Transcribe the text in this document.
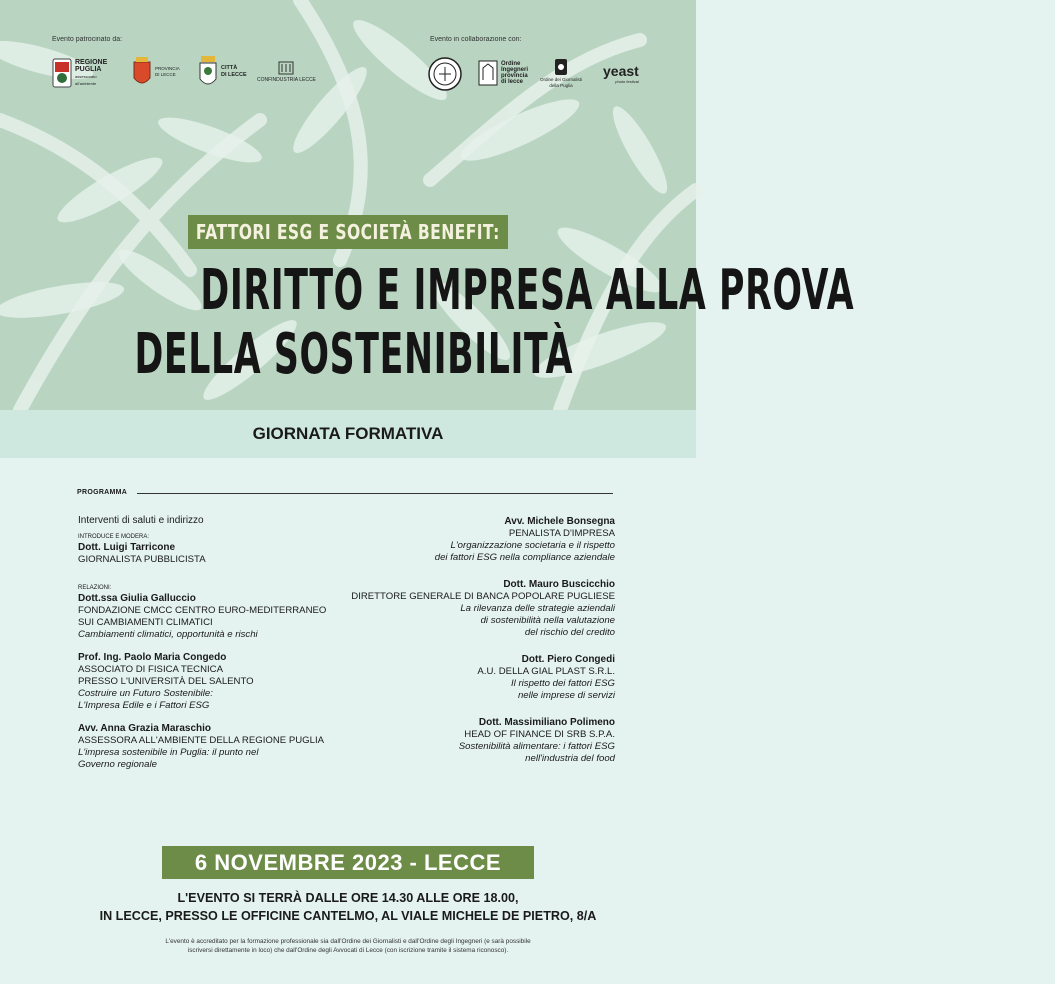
Evento patrocinato da:	Evento in collaborazione con:
REGIONE
PUGLIA
assessorato
all'ambiente
PROVINCIA
DI LECCE
CITTÀ
DI LECCE
CONFINDUSTRIA LECCE
Ordine
Ingegneri
provincia
di lecce	Ordine dei Giornalisti
della Puglia
yeast
photo festival
FATTORI ESG E SOCIETÀ BENEFIT:
DIRITTO E IMPRESA ALLA PROVA
DELLA SOSTENIBILITÀ
GIORNATA FORMATIVA
PROGRAMMA
Interventi di saluti e indirizzo
INTRODUCE E MODERA:
Dott. Luigi Tarricone
GIORNALISTA PUBBLICISTA
RELAZIONI:
Dott.ssa Giulia Galluccio
FONDAZIONE CMCC CENTRO EURO-MEDITERRANEO
SUI CAMBIAMENTI CLIMATICI
Cambiamenti climatici, opportunità e rischi
Prof. Ing. Paolo Maria Congedo
ASSOCIATO DI FISICA TECNICA
PRESSO L'UNIVERSITÀ DEL SALENTO
Costruire un Futuro Sostenibile:
L'Impresa Edile e i Fattori ESG
Avv. Anna Grazia Maraschio
ASSESSORA ALL'AMBIENTE DELLA REGIONE PUGLIA
L'impresa sostenibile in Puglia: il punto nel
Governo regionale
Avv. Michele Bonsegna
PENALISTA D'IMPRESA
L'organizzazione societaria e il rispetto
dei fattori ESG nella compliance aziendale
Dott. Mauro Buscicchio
DIRETTORE GENERALE DI BANCA POPOLARE PUGLIESE
La rilevanza delle strategie aziendali
di sostenibilità nella valutazione
del rischio del credito
Dott. Piero Congedi
A.U. DELLA GIAL PLAST S.R.L.
Il rispetto dei fattori ESG
nelle imprese di servizi
Dott. Massimiliano Polimeno
HEAD OF FINANCE DI SRB S.P.A.
Sostenibilità alimentare: i fattori ESG
nell'industria del food
6 NOVEMBRE 2023 - LECCE
L'EVENTO SI TERRÀ DALLE ORE 14.30 ALLE ORE 18.00,
IN LECCE, PRESSO LE OFFICINE CANTELMO, AL VIALE MICHELE DE PIETRO, 8/A
L'evento è accreditato per la formazione professionale sia dall'Ordine dei Giornalisti e dall'Ordine degli Ingegneri (e sarà possibile
iscriversi direttamente in loco) che dall'Ordine degli Avvocati di Lecce (con iscrizione tramite il sistema riconosco).
